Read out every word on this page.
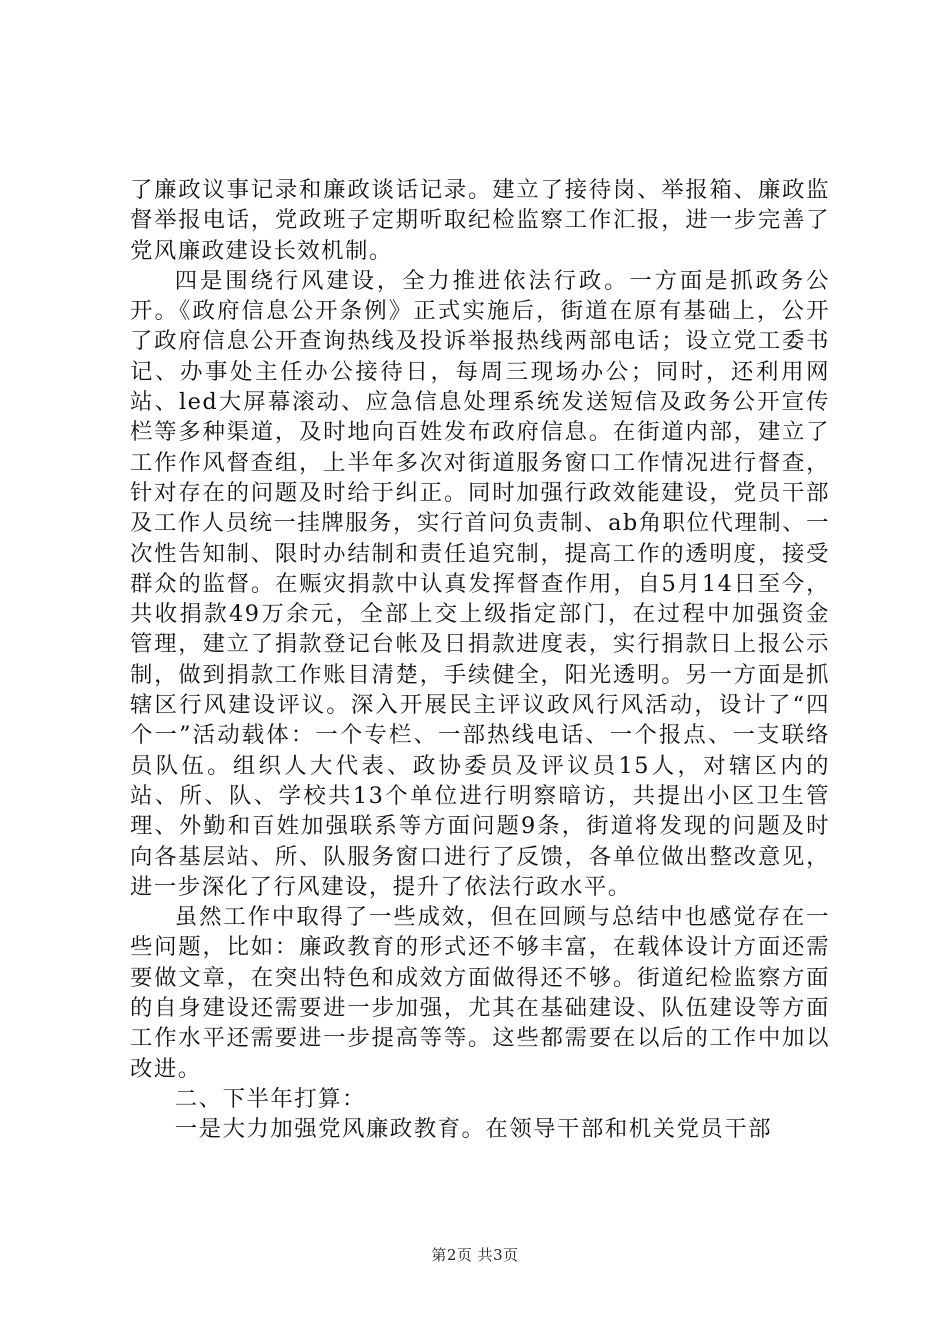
了廉政议事记录和廉政谈话记录。建立了接待岗、举报箱、廉政监督举报电话，党政班子定期听取纪检监察工作汇报，进一步完善了党风廉政建设长效机制。

四是围绕行风建设，全力推进依法行政。一方面是抓政务公开。《政府信息公开条例》正式实施后，街道在原有基础上，公开了政府信息公开查询热线及投诉举报热线两部电话；设立党工委书记、办事处主任办公接待日，每周三现场办公；同时，还利用网站、led大屏幕滚动、应急信息处理系统发送短信及政务公开宣传栏等多种渠道，及时地向百姓发布政府信息。在街道内部，建立了工作作风督查组，上半年多次对街道服务窗口工作情况进行督查，针对存在的问题及时给于纠正。同时加强行政效能建设，党员干部及工作人员统一挂牌服务，实行首问负责制、ab角职位代理制、一次性告知制、限时办结制和责任追究制，提高工作的透明度，接受群众的监督。在赈灾捐款中认真发挥督查作用，自5月14日至今，共收捐款49万余元，全部上交上级指定部门，在过程中加强资金管理，建立了捐款登记台帐及日捐款进度表，实行捐款日上报公示制，做到捐款工作账目清楚，手续健全，阳光透明。另一方面是抓辖区行风建设评议。深入开展民主评议政风行风活动，设计了“四个一”活动载体：一个专栏、一部热线电话、一个报点、一支联络员队伍。组织人大代表、政协委员及评议员15人，对辖区内的站、所、队、学校共13个单位进行明察暗访，共提出小区卫生管理、外勤和百姓加强联系等方面问题9条，街道将发现的问题及时向各基层站、所、队服务窗口进行了反馈，各单位做出整改意见，进一步深化了行风建设，提升了依法行政水平。

虽然工作中取得了一些成效，但在回顾与总结中也感觉存在一些问题，比如：廉政教育的形式还不够丰富，在载体设计方面还需要做文章，在突出特色和成效方面做得还不够。街道纪检监察方面的自身建设还需要进一步加强，尤其在基础建设、队伍建设等方面工作水平还需要进一步提高等等。这些都需要在以后的工作中加以改进。

二、下半年打算：

一是大力加强党风廉政教育。在领导干部和机关党员干部

第2页 共3页
